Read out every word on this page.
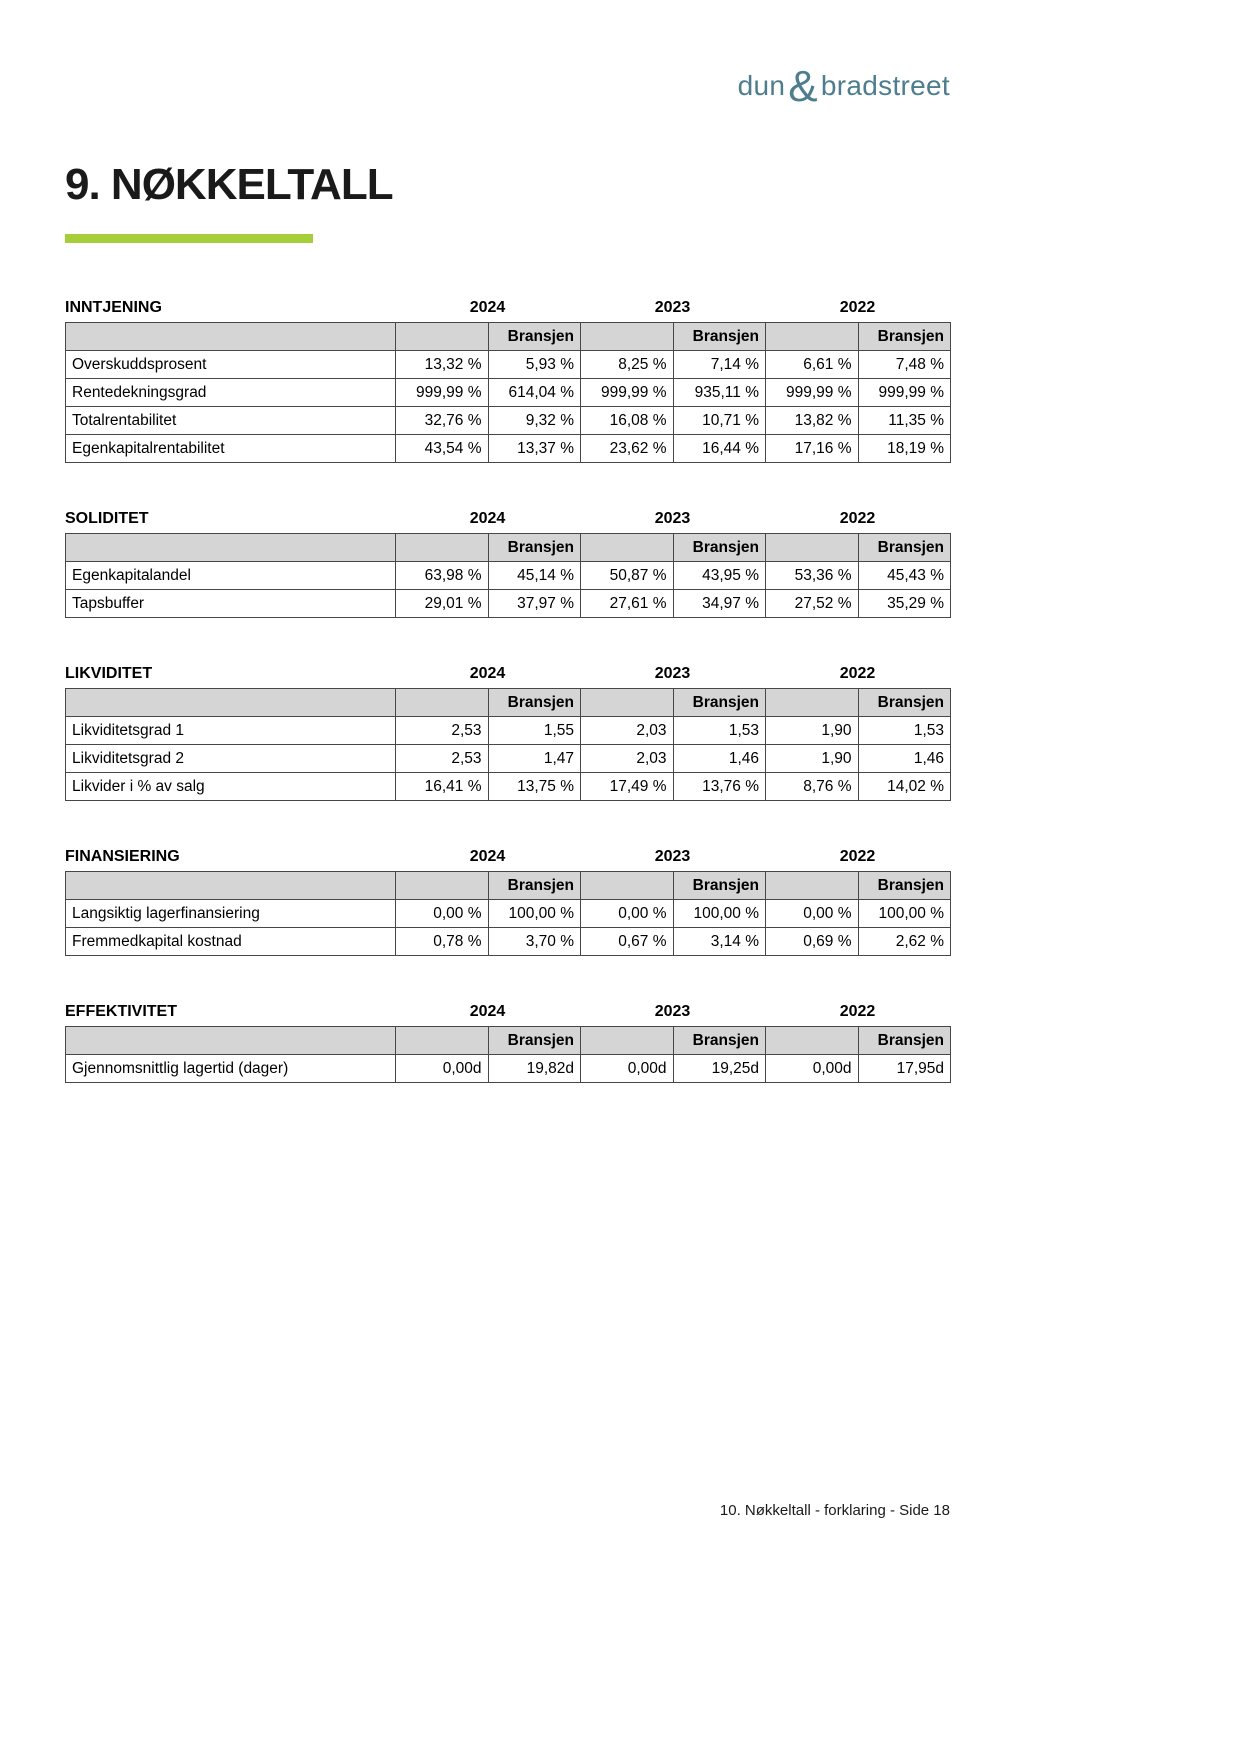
dun& bradstreet
9. NØKKELTALL
INNTJENING	2024	2023	2022
		Bransjen		Bransjen		Bransjen
Overskuddsprosent	13,32 %	5,93 %	8,25 %	7,14 %	6,61 %	7,48 %
Rentedekningsgrad	999,99 %	614,04 %	999,99 %	935,11 %	999,99 %	999,99 %
Totalrentabilitet	32,76 %	9,32 %	16,08 %	10,71 %	13,82 %	11,35 %
Egenkapitalrentabilitet	43,54 %	13,37 %	23,62 %	16,44 %	17,16 %	18,19 %
SOLIDITET	2024	2023	2022
		Bransjen		Bransjen		Bransjen
Egenkapitalandel	63,98 %	45,14 %	50,87 %	43,95 %	53,36 %	45,43 %
Tapsbuffer	29,01 %	37,97 %	27,61 %	34,97 %	27,52 %	35,29 %
LIKVIDITET	2024	2023	2022
		Bransjen		Bransjen		Bransjen
Likviditetsgrad 1	2,53	1,55	2,03	1,53	1,90	1,53
Likviditetsgrad 2	2,53	1,47	2,03	1,46	1,90	1,46
Likvider i % av salg	16,41 %	13,75 %	17,49 %	13,76 %	8,76 %	14,02 %
FINANSIERING	2024	2023	2022
		Bransjen		Bransjen		Bransjen
Langsiktig lagerfinansiering	0,00 %	100,00 %	0,00 %	100,00 %	0,00 %	100,00 %
Fremmedkapital kostnad	0,78 %	3,70 %	0,67 %	3,14 %	0,69 %	2,62 %
EFFEKTIVITET	2024	2023	2022
		Bransjen		Bransjen		Bransjen
Gjennomsnittlig lagertid (dager)	0,00d	19,82d	0,00d	19,25d	0,00d	17,95d
10. Nøkkeltall - forklaring - Side 18
